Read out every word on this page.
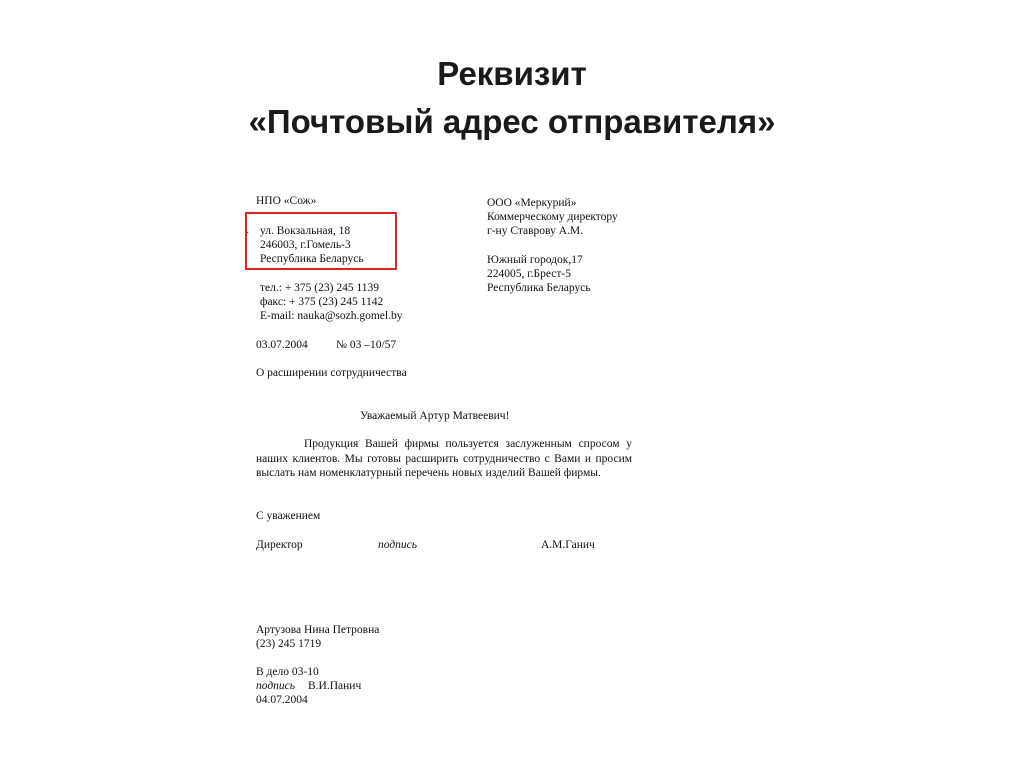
Реквизит
«Почтовый адрес отправителя»
НПО «Сож»
· ул. Вокзальная, 18
246003, г.Гомель-3
Республика Беларусь
тел.: + 375 (23) 245 1139
факс: + 375 (23) 245 1142
E-mail: nauka@sozh.gomel.by
ООО «Меркурий»
Коммерческому директору
г-ну Ставрову А.М.
Южный городок,17
224005, г.Брест-5
Республика Беларусь
03.07.2004 № 03 –10/57
О расширении сотрудничества
Уважаемый Артур Матвеевич!
Продукция Вашей фирмы пользуется заслуженным спросом у наших клиентов. Мы готовы расширить сотрудничество с Вами и просим выслать нам номенклатурный перечень новых изделий Вашей фирмы.
С уважением
Директор	подпись	А.М.Ганич
Артузова Нина Петровна
(23) 245 1719
В дело 03-10
подпись В.И.Панич
04.07.2004
